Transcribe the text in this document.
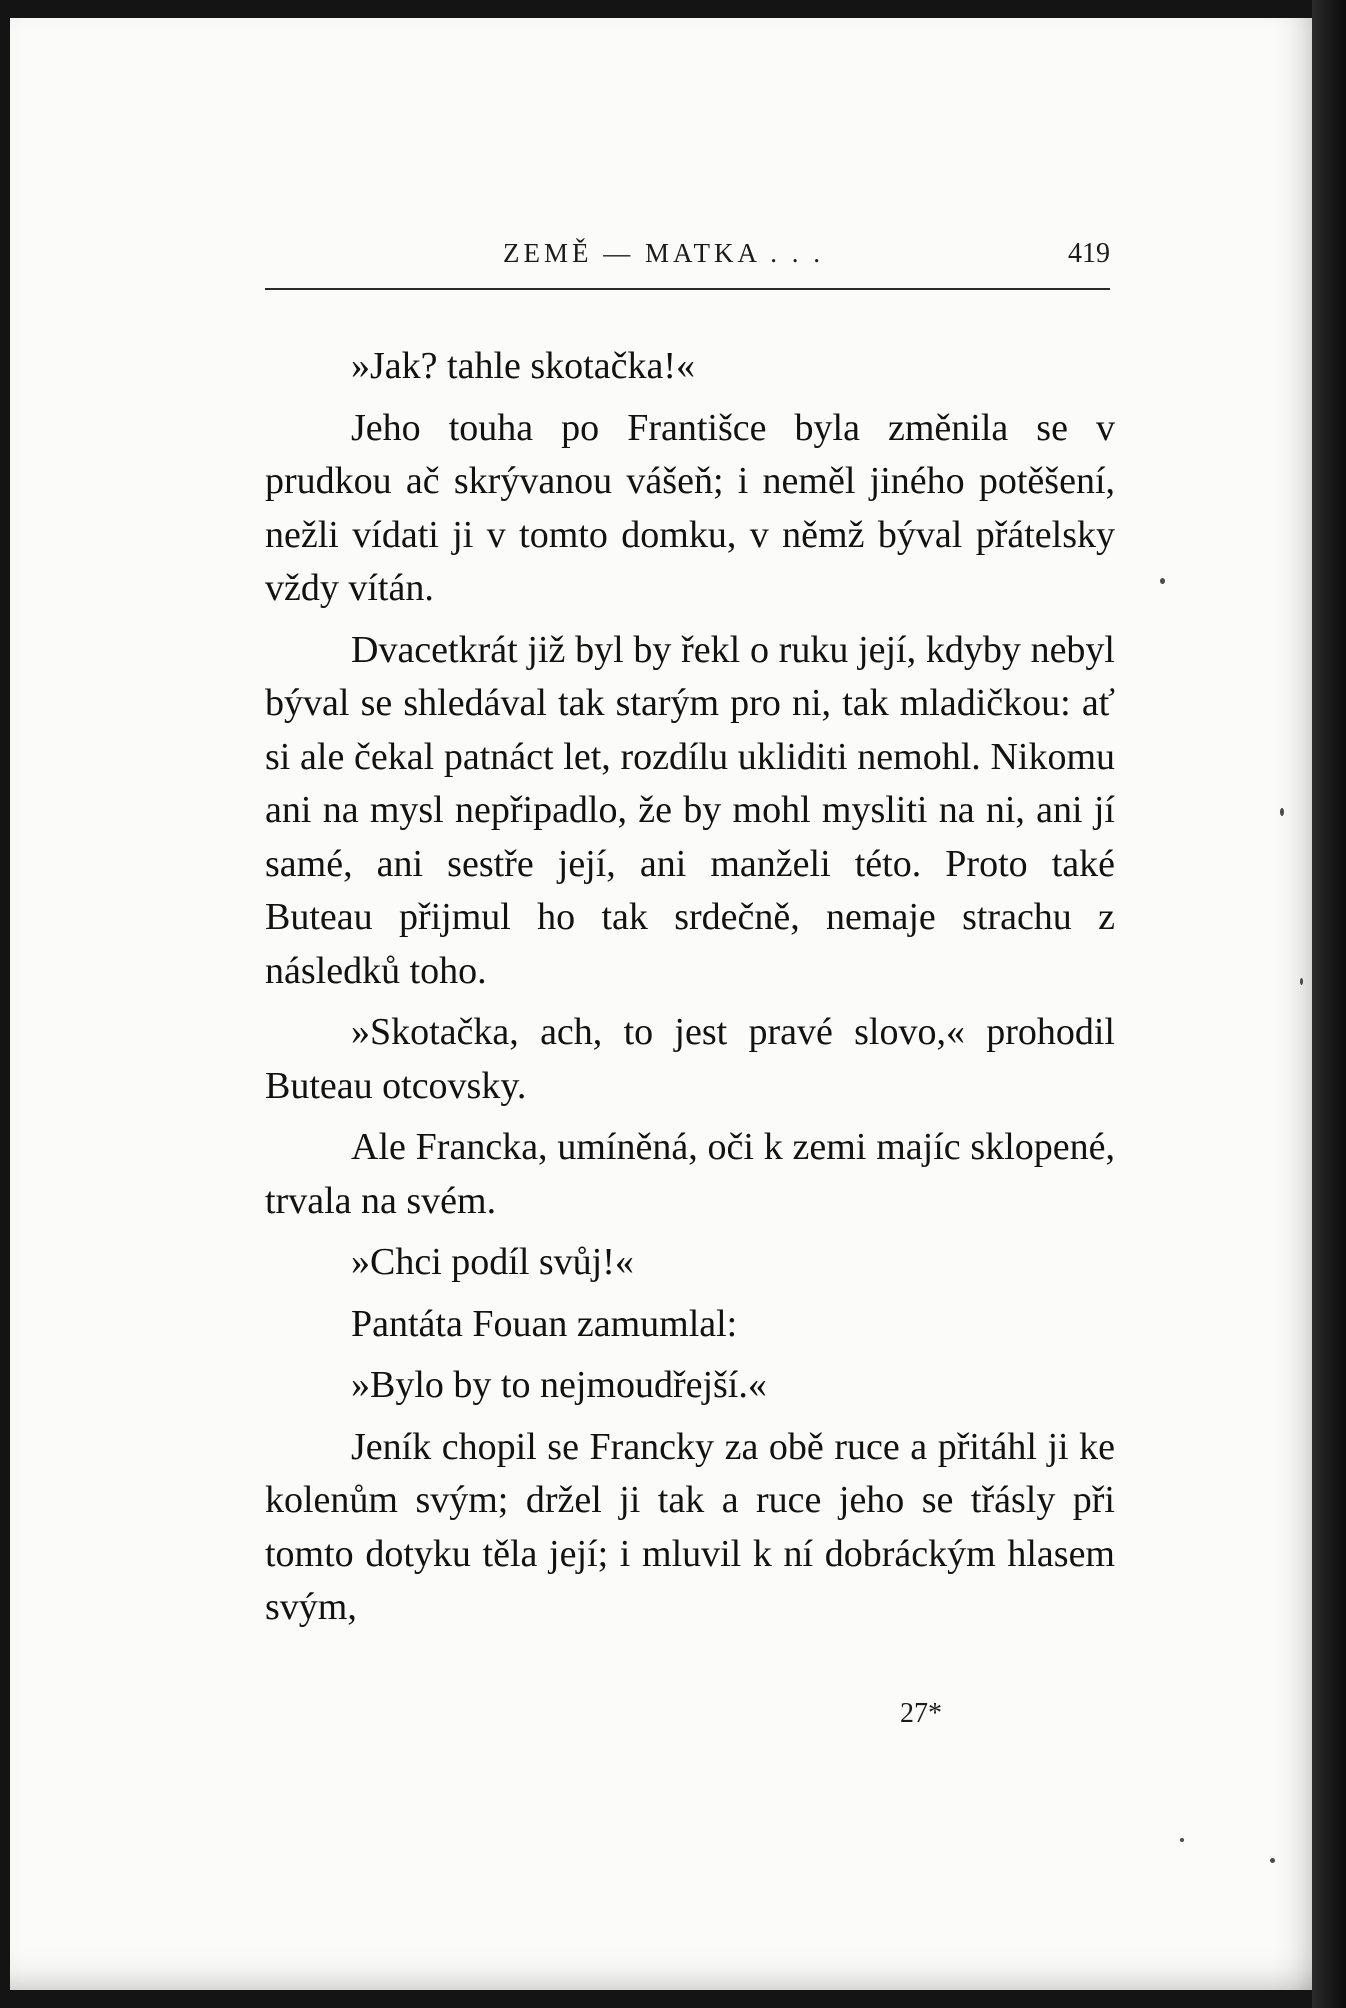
ZEMĚ — MATKA . . .	419

»Jak? tahle skotačka!«

Jeho touha po Františce byla změnila se v prudkou ač skrývanou vášeň; i neměl jiného potěšení, nežli vídati ji v tomto domku, v němž býval přátelsky vždy vítán.

Dvacetkrát již byl by řekl o ruku její, kdyby nebyl býval se shledával tak starým pro ni, tak mladičkou: ať si ale čekal patnáct let, rozdílu ukliditi nemohl. Nikomu ani na mysl nepřipadlo, že by mohl mysliti na ni, ani jí samé, ani sestře její, ani manželi této. Proto také Buteau přijmul ho tak srdečně, nemaje strachu z následků toho.

»Skotačka, ach, to jest pravé slovo,« prohodil Buteau otcovsky.

Ale Francka, umíněná, oči k zemi majíc sklopené, trvala na svém.

»Chci podíl svůj!«

Pantáta Fouan zamumlal:

»Bylo by to nejmoudřejší.«

Jeník chopil se Francky za obě ruce a přitáhl ji ke kolenům svým; držel ji tak a ruce jeho se třásly při tomto dotyku těla její; i mluvil k ní dobráckým hlasem svým,

27*
